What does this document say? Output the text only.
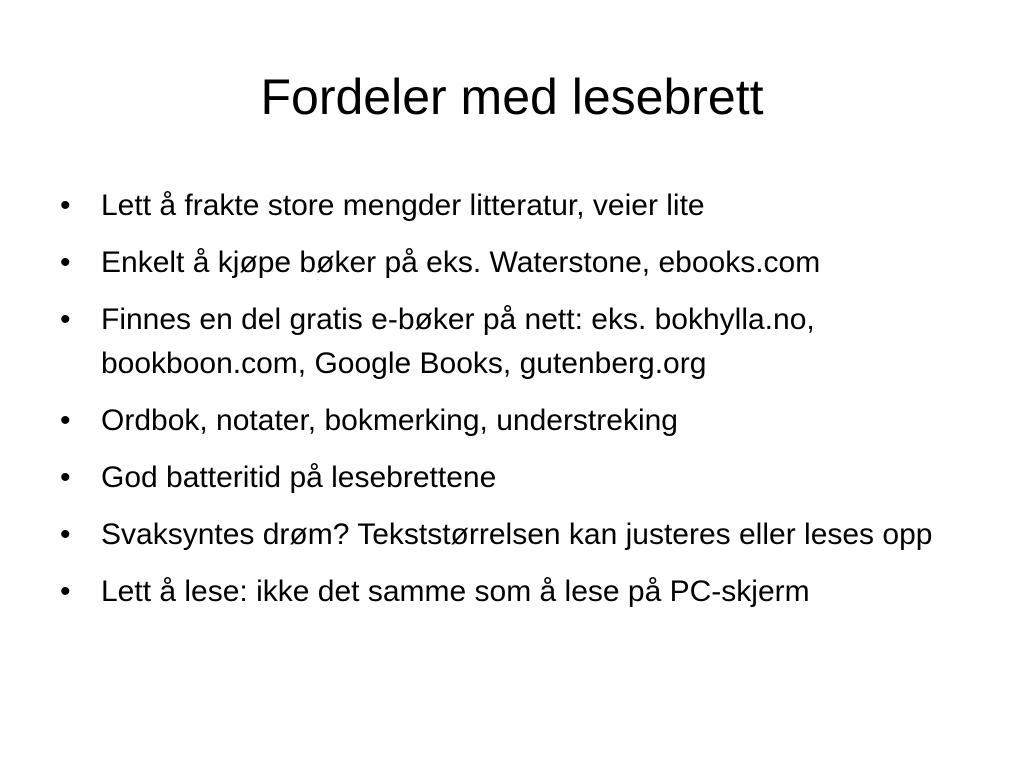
Fordeler med lesebrett
• Lett å frakte store mengder litteratur, veier lite
• Enkelt å kjøpe bøker på eks. Waterstone, ebooks.com
• Finnes en del gratis e-bøker på nett: eks. bokhylla.no, bookboon.com, Google Books, gutenberg.org
• Ordbok, notater, bokmerking, understreking
• God batteritid på lesebrettene
• Svaksyntes drøm? Tekststørrelsen kan justeres eller leses opp
• Lett å lese: ikke det samme som å lese på PC-skjerm
